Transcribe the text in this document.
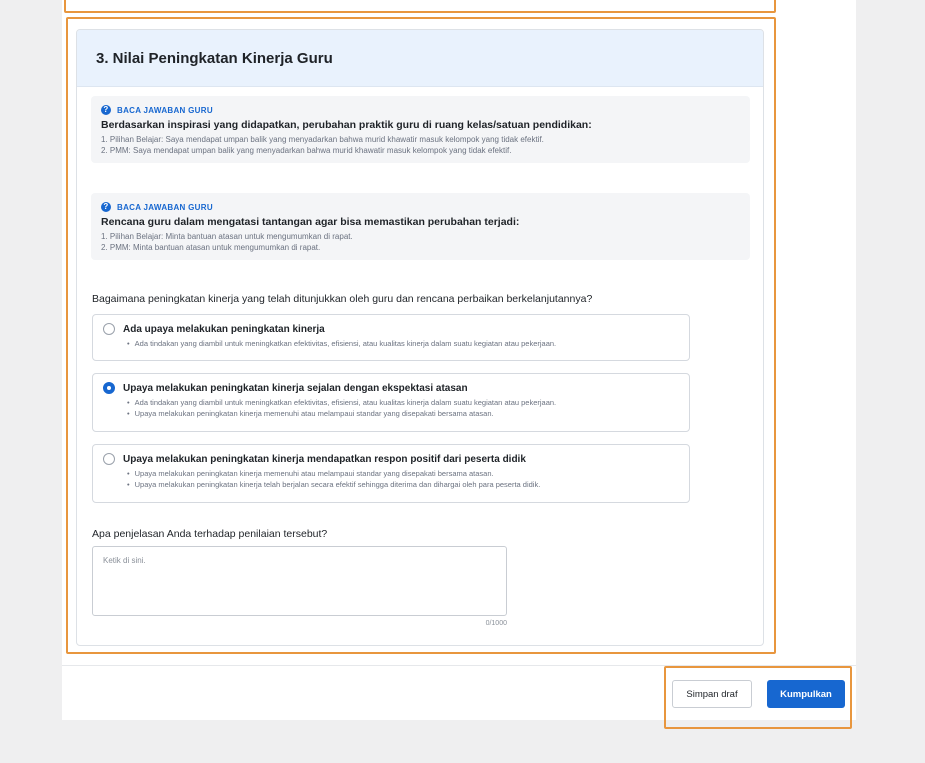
3. Nilai Peningkatan Kinerja Guru
?	BACA JAWABAN GURU
Berdasarkan inspirasi yang didapatkan, perubahan praktik guru di ruang kelas/satuan pendidikan:
1. Pilihan Belajar: Saya mendapat umpan balik yang menyadarkan bahwa murid khawatir masuk kelompok yang tidak efektif.
2. PMM: Saya mendapat umpan balik yang menyadarkan bahwa murid khawatir masuk kelompok yang tidak efektif.
?	BACA JAWABAN GURU
Rencana guru dalam mengatasi tantangan agar bisa memastikan perubahan terjadi:
1. Pilihan Belajar: Minta bantuan atasan untuk mengumumkan di rapat.
2. PMM: Minta bantuan atasan untuk mengumumkan di rapat.
Bagaimana peningkatan kinerja yang telah ditunjukkan oleh guru dan rencana perbaikan berkelanjutannya?
Ada upaya melakukan peningkatan kinerja
• Ada tindakan yang diambil untuk meningkatkan efektivitas, efisiensi, atau kualitas kinerja dalam suatu kegiatan atau pekerjaan.
Upaya melakukan peningkatan kinerja sejalan dengan ekspektasi atasan
• Ada tindakan yang diambil untuk meningkatkan efektivitas, efisiensi, atau kualitas kinerja dalam suatu kegiatan atau pekerjaan.
• Upaya melakukan peningkatan kinerja memenuhi atau melampaui standar yang disepakati bersama atasan.
Upaya melakukan peningkatan kinerja mendapatkan respon positif dari peserta didik
• Upaya melakukan peningkatan kinerja memenuhi atau melampaui standar yang disepakati bersama atasan.
• Upaya melakukan peningkatan kinerja telah berjalan secara efektif sehingga diterima dan dihargai oleh para peserta didik.
Apa penjelasan Anda terhadap penilaian tersebut?
Ketik di sini.
0/1000
Simpan draf	Kumpulkan
